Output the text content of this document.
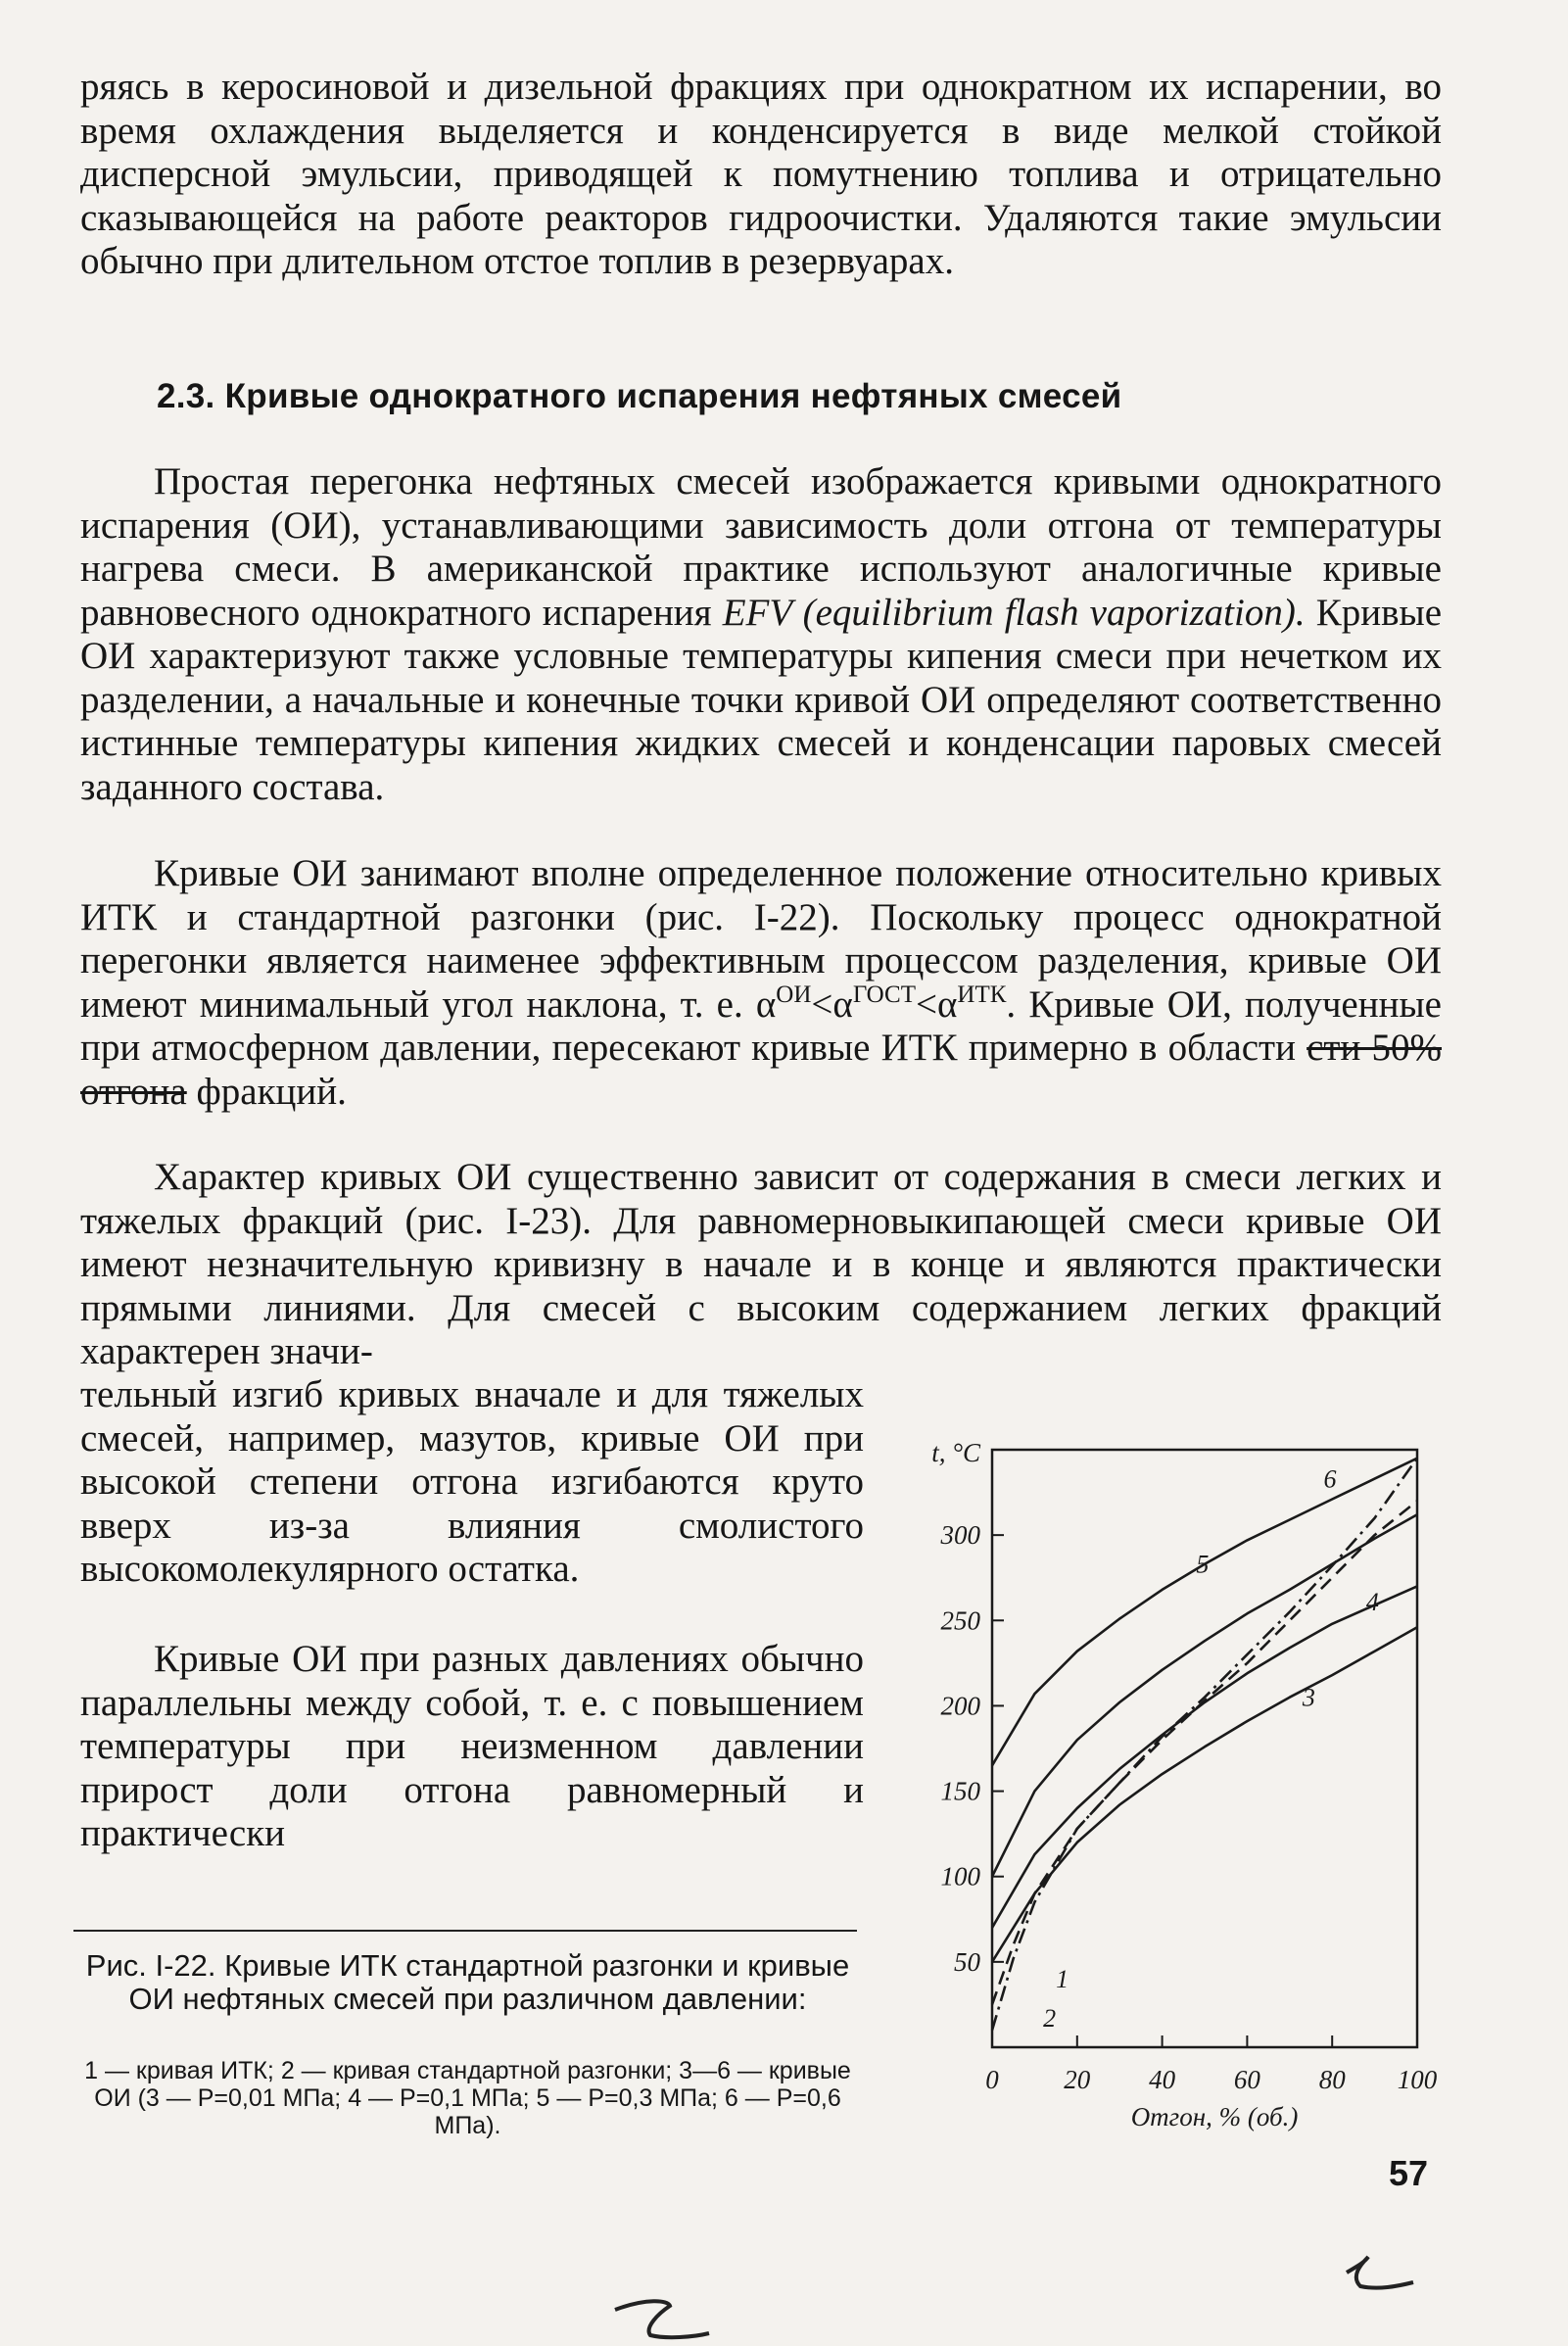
ряясь в керосиновой и дизельной фракциях при однократном их испарении, во время охлаждения выделяется и конденсируется в виде мелкой стойкой дисперсной эмульсии, приводящей к помутнению топлива и отрицательно сказывающейся на работе реакторов гидроочистки. Удаляются такие эмульсии обычно при длительном отстое топлив в резервуарах.

2.3. Кривые однократного испарения нефтяных смесей

Простая перегонка нефтяных смесей изображается кривыми однократного испарения (ОИ), устанавливающими зависимость доли отгона от температуры нагрева смеси. В американской практике используют аналогичные кривые равновесного однократного испарения EFV (equilibrium flash vaporization). Кривые ОИ характеризуют также условные температуры кипения смеси при нечетком их разделении, а начальные и конечные точки кривой ОИ определяют соответственно истинные температуры кипения жидких смесей и конденсации паровых смесей заданного состава.

Кривые ОИ занимают вполне определенное положение относительно кривых ИТК и стандартной разгонки (рис. I-22). Поскольку процесс однократной перегонки является наименее эффективным процессом разделения, кривые ОИ имеют минимальный угол наклона, т. е. $\alpha^{ОИ}<\alpha^{ГОСТ}<\alpha^{ИТК}$. Кривые ОИ, полученные при атмосферном давлении, пересекают кривые ИТК примерно в области сти 50% отгона фракций.

Характер кривых ОИ существенно зависит от содержания в смеси легких и тяжелых фракций (рис. I-23). Для равномерновыкипающей смеси кривые ОИ имеют незначительную кривизну в начале и в конце и являются практически прямыми линиями. Для смесей с высоким содержанием легких фракций характерен значи-

тельный изгиб кривых вначале и для тяжелых смесей, например, мазутов, кривые ОИ при высокой степени отгона изгибаются круто вверх из-за влияния смолистого высокомолекулярного остатка.

Кривые ОИ при разных давлениях обычно параллельны между собой, т. е. с повышением температуры при неизменном давлении прирост доли отгона равномерный и практически

Рис. I-22. Кривые ИТК стандартной разгонки и кривые ОИ нефтяных смесей при различном давлении:

1 — кривая ИТК; 2 — кривая стандартной разгонки; 3—6 — кривые ОИ (3 — P=0,01 МПа; 4 — P=0,1 МПа; 5 — P=0,3 МПа; 6 — P=0,6 МПа).

50
100
150
200
250
300
0 20 40 60 80 100
t, °C
Отгон, % (об.)
1
2
3
4
5
6
57
